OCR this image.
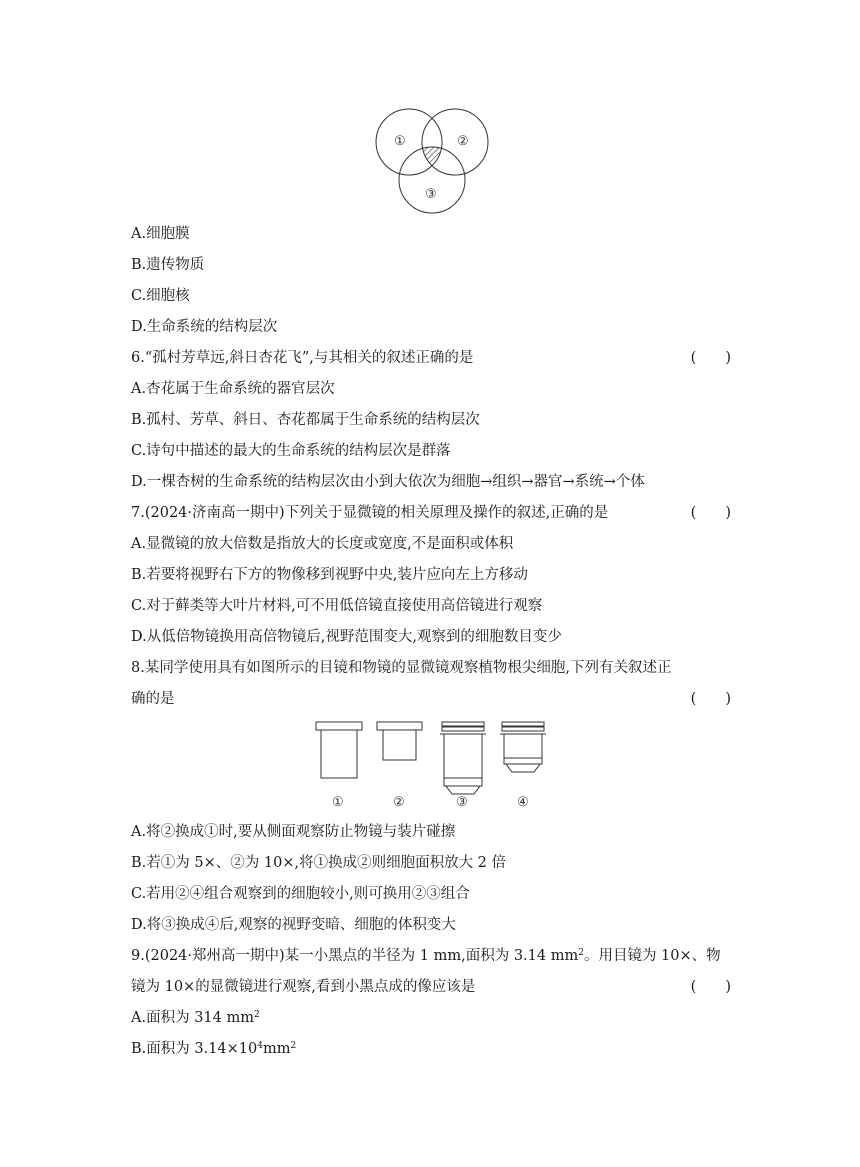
①	②
③
A.细胞膜
B.遗传物质
C.细胞核
D.生命系统的结构层次
6.“孤村芳草远,斜日杏花飞”,与其相关的叙述正确的是	(　　)
A.杏花属于生命系统的器官层次
B.孤村、芳草、斜日、杏花都属于生命系统的结构层次
C.诗句中描述的最大的生命系统的结构层次是群落
D.一棵杏树的生命系统的结构层次由小到大依次为细胞→组织→器官→系统→个体
7.(2024·济南高一期中)下列关于显微镜的相关原理及操作的叙述,正确的是	(　　)
A.显微镜的放大倍数是指放大的长度或宽度,不是面积或体积
B.若要将视野右下方的物像移到视野中央,装片应向左上方移动
C.对于藓类等大叶片材料,可不用低倍镜直接使用高倍镜进行观察
D.从低倍物镜换用高倍物镜后,视野范围变大,观察到的细胞数目变少
8.某同学使用具有如图所示的目镜和物镜的显微镜观察植物根尖细胞,下列有关叙述正
确的是	(　　)
①	②	③	④
A.将②换成①时,要从侧面观察防止物镜与装片碰擦
B.若①为 5×、②为 10×,将①换成②则细胞面积放大 2 倍
C.若用②④组合观察到的细胞较小,则可换用②③组合
D.将③换成④后,观察的视野变暗、细胞的体积变大
9.(2024·郑州高一期中)某一小黑点的半径为 1 mm,面积为 3.14 $mm^2$。用目镜为 10×、物
镜为 10×的显微镜进行观察,看到小黑点成的像应该是	(　　)
A.面积为 314 $mm^2$
B.面积为 $3.14\times 10^4mm^2$
